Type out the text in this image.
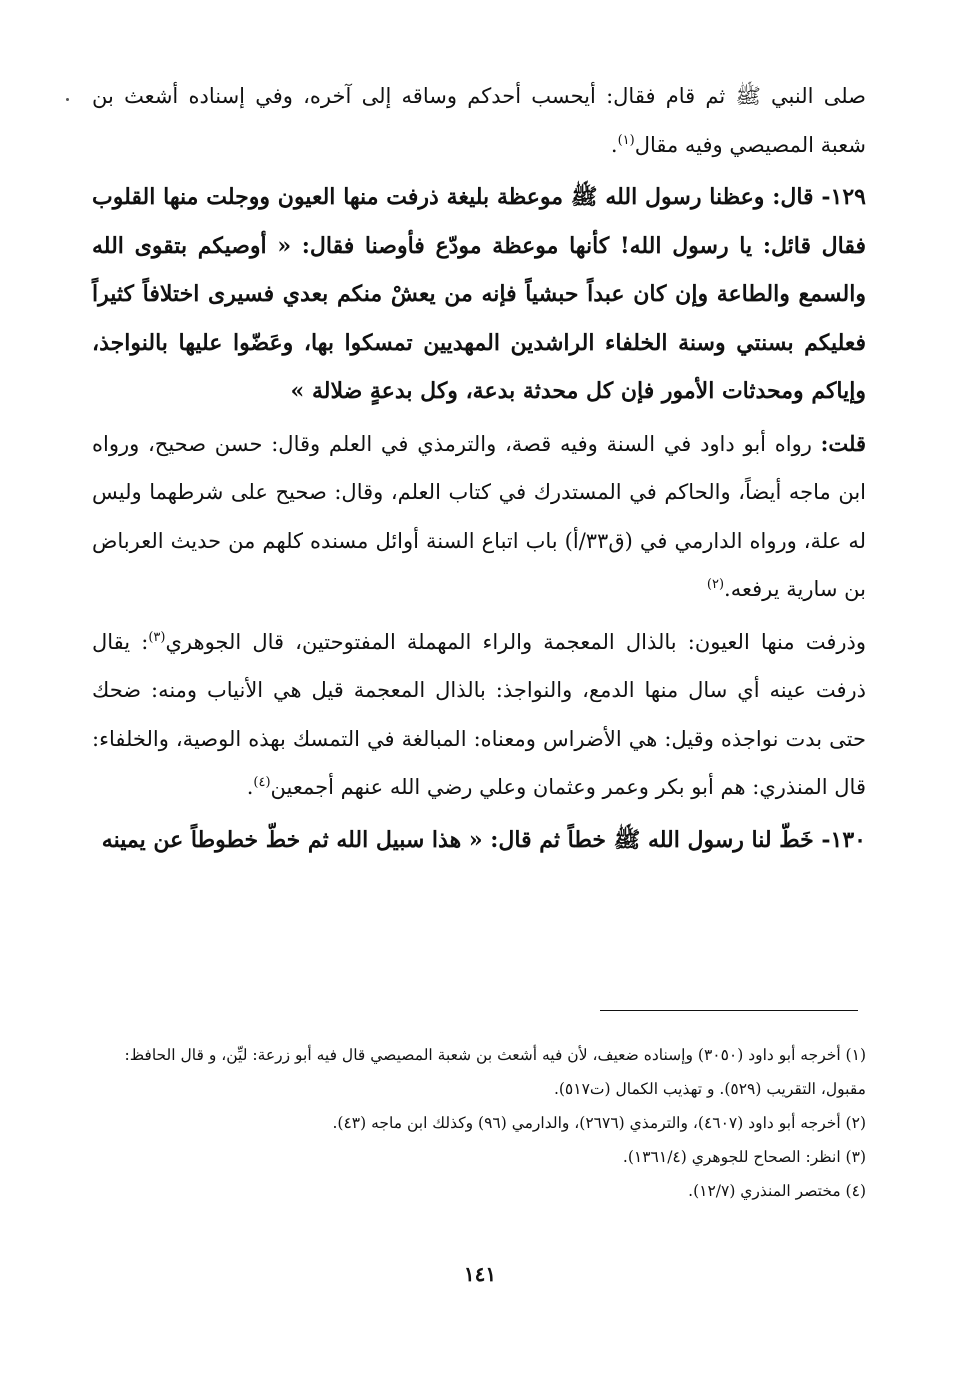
صلى النبي ﷺ ثم قام فقال: أيحسب أحدكم وساقه إلى آخره، وفي إسناده أشعث بن شعبة المصيصي وفيه مقال$^{(١)}$.

١٢٩- قال: وعظنا رسول الله ﷺ موعظة بليغة ذرفت منها العيون ووجلت منها القلوب فقال قائل: يا رسول الله! كأنها موعظة مودّع فأوصنا فقال: « أوصيكم بتقوى الله والسمع والطاعة وإن كان عبداً حبشياً فإنه من يعشْ منكم بعدي فسيرى اختلافاً كثيراً فعليكم بسنتي وسنة الخلفاء الراشدين المهديين تمسكوا بها، وعَضّوا عليها بالنواجذ، وإياكم ومحدثات الأمور فإن كل محدثة بدعة، وكل بدعةٍ ضلالة »

قلت: رواه أبو داود في السنة وفيه قصة، والترمذي في العلم وقال: حسن صحيح، ورواه ابن ماجه أيضاً، والحاكم في المستدرك في كتاب العلم، وقال: صحيح على شرطهما وليس له علة، ورواه الدارمي في (ق٣٣/أ) باب اتباع السنة أوائل مسنده كلهم من حديث العرباض بن سارية يرفعه.$^{(٢)}$

وذرفت منها العيون: بالذال المعجمة والراء المهملة المفتوحتين، قال الجوهري$^{(٣)}$: يقال ذرفت عينه أي سال منها الدمع، والنواجذ: بالذال المعجمة قيل هي الأنياب ومنه: ضحك حتى بدت نواجذه وقيل: هي الأضراس ومعناه: المبالغة في التمسك بهذه الوصية، والخلفاء: قال المنذري: هم أبو بكر وعمر وعثمان وعلي رضي الله عنهم أجمعين$^{(٤)}$.

١٣٠- خَطّ لنا رسول الله ﷺ خطاً ثم قال: « هذا سبيل الله ثم خطّ خطوطاً عن يمينه

(١) أخرجه أبو داود (٣٠٥٠) وإسناده ضعيف، لأن فيه أشعث بن شعبة المصيصي قال فيه أبو زرعة: ليِّن، و قال الحافظ: مقبول، التقريب (٥٢٩). و تهذيب الكمال (ت٥١٧).

(٢) أخرجه أبو داود (٤٦٠٧)، والترمذي (٢٦٧٦)، والدارمي (٩٦) وكذلك ابن ماجه (٤٣).

(٣) انظر: الصحاح للجوهري (١٣٦١/٤).

(٤) مختصر المنذري (١٢/٧).

١٤١
